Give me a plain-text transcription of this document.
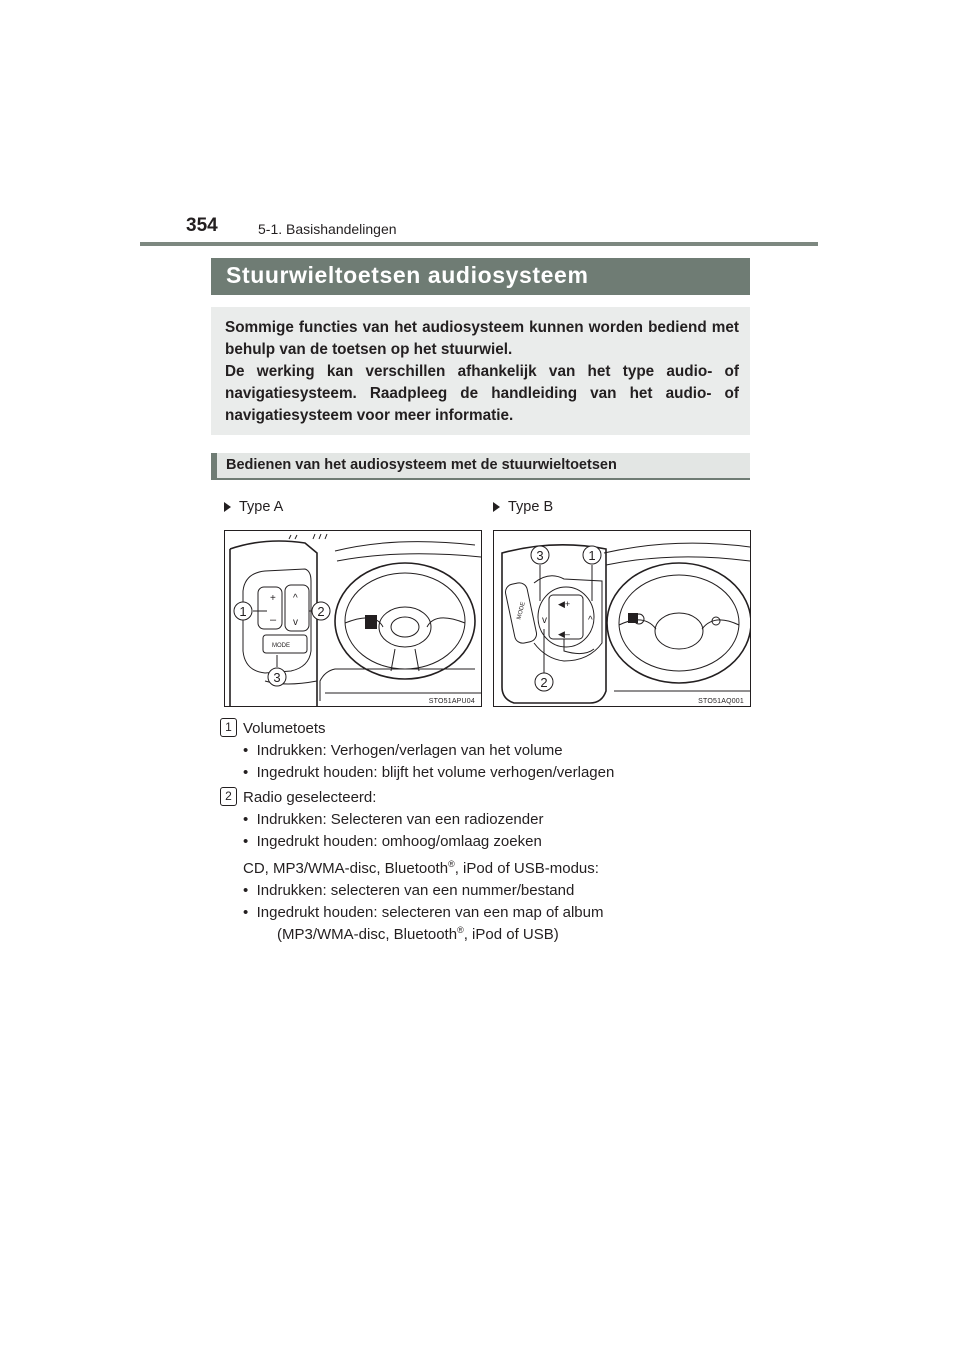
354	5-1. Basishandelingen
Stuurwieltoetsen audiosysteem

Sommige functies van het audiosysteem kunnen worden bediend met behulp van de toetsen op het stuurwiel.

De werking kan verschillen afhankelijk van het type audio- of navigatiesysteem. Raadpleeg de handleiding van het audio- of navigatiesysteem voor meer informatie.

Bedienen van het audiosysteem met de stuurwieltoetsen
Type A	Type B
+
–
^
v
MODE
1	2
3
STO51APU04
◀+
◀–
v	^
MODE
3	1
2
STO51AQ001
1 Volumetoets

•  Indrukken: Verhogen/verlagen van het volume

•  Ingedrukt houden: blijft het volume verhogen/verlagen

2 Radio geselecteerd:

•  Indrukken: Selecteren van een radiozender

•  Ingedrukt houden: omhoog/omlaag zoeken

CD, MP3/WMA-disc, Bluetooth®, iPod of USB-modus:

•  Indrukken: selecteren van een nummer/bestand

•  Ingedrukt houden: selecteren van een map of album

(MP3/WMA-disc, Bluetooth®, iPod of USB)
